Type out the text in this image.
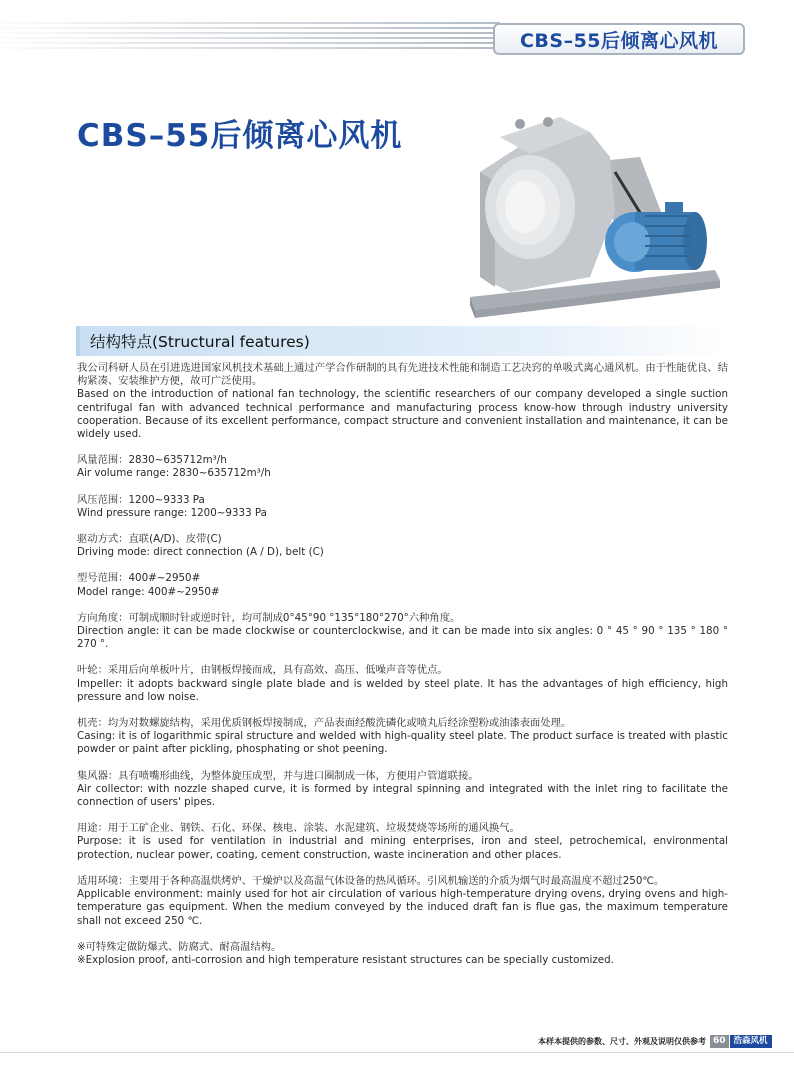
CBS–55后倾离心风机
CBS–55后倾离心风机
结构特点(Structural features)

我公司科研人员在引进选进国家风机技术基础上通过产学合作研制的具有先进技术性能和制造工艺决窍的单吸式离心通风机。由于性能优良、结构紧凑、安装维护方便，故可广泛使用。

Based on the introduction of national fan technology, the scientific researchers of our company developed a single suction centrifugal fan with advanced technical performance and manufacturing process know-how through industry university cooperation. Because of its excellent performance, compact structure and convenient installation and maintenance, it can be widely used.

风量范围：2830~635712m³/h

Air volume range: 2830~635712m³/h

风压范围：1200~9333 Pa

Wind pressure range: 1200~9333 Pa

驱动方式：直联(A/D)、皮带(C)

Driving mode: direct connection (A / D), belt (C)

型号范围：400#~2950#

Model range: 400#~2950#

方向角度：可制成顺时针或逆时针，均可制成0°45°90 °135°180°270°六种角度。

Direction angle: it can be made clockwise or counterclockwise, and it can be made into six angles: 0 ° 45 ° 90 ° 135 ° 180 ° 270 °.

叶轮：采用后向单板叶片，由钢板焊接而成，具有高效、高压、低噪声音等优点。

Impeller: it adopts backward single plate blade and is welded by steel plate. It has the advantages of high efficiency, high pressure and low noise.

机壳：均为对数螺旋结构，采用优质钢板焊接制成，产品表面经酸洗磷化或喷丸后经涂塑粉或油漆表面处理。

Casing: it is of logarithmic spiral structure and welded with high-quality steel plate. The product surface is treated with plastic powder or paint after pickling, phosphating or shot peening.

集风器：具有喷嘴形曲线，为整体旋压成型，并与进口圈制成一体，方便用户管道联接。

Air collector: with nozzle shaped curve, it is formed by integral spinning and integrated with the inlet ring to facilitate the connection of users' pipes.

用途：用于工矿企业、钢铁、石化、环保、核电、涂装、水泥建筑、垃圾焚烧等场所的通风换气。

Purpose: it is used for ventilation in industrial and mining enterprises, iron and steel, petrochemical, environmental protection, nuclear power, coating, cement construction, waste incineration and other places.

适用环境：主要用于各种高温烘烤炉、干燥炉以及高温气体设备的热风循环。引风机输送的介质为烟气时最高温度不超过250℃。

Applicable environment: mainly used for hot air circulation of various high-temperature drying ovens, drying ovens and high-temperature gas equipment. When the medium conveyed by the induced draft fan is flue gas, the maximum temperature shall not exceed 250 ℃.

※可特殊定做防爆式、防腐式、耐高温结构。

※Explosion proof, anti-corrosion and high temperature resistant structures can be specially customized.

本样本提供的参数、尺寸、外观及说明仅供参考 60 浩森风机
